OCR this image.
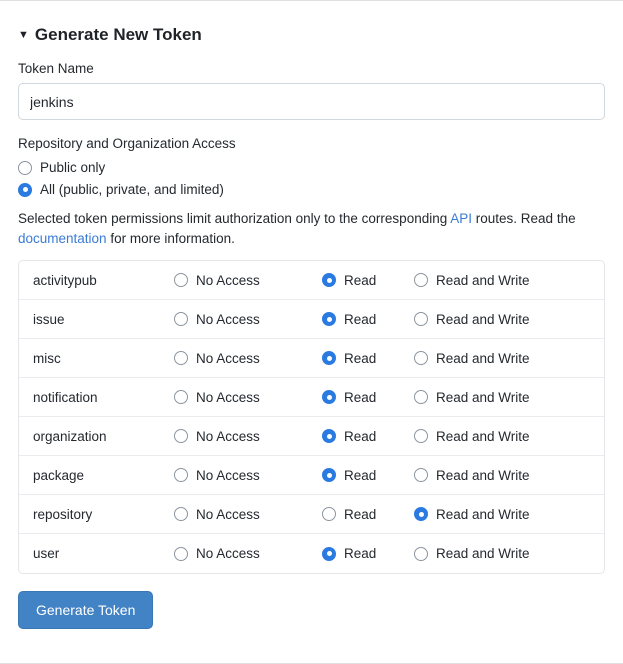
▼ Generate New Token
Token Name
jenkins
Repository and Organization Access
Public only
All (public, private, and limited)
Selected token permissions limit authorization only to the corresponding API routes. Read the documentation for more information.
activitypub	No Access	Read	Read and Write
issue	No Access	Read	Read and Write
misc	No Access	Read	Read and Write
notification	No Access	Read	Read and Write
organization	No Access	Read	Read and Write
package	No Access	Read	Read and Write
repository	No Access	Read	Read and Write
user	No Access	Read	Read and Write
Generate Token
